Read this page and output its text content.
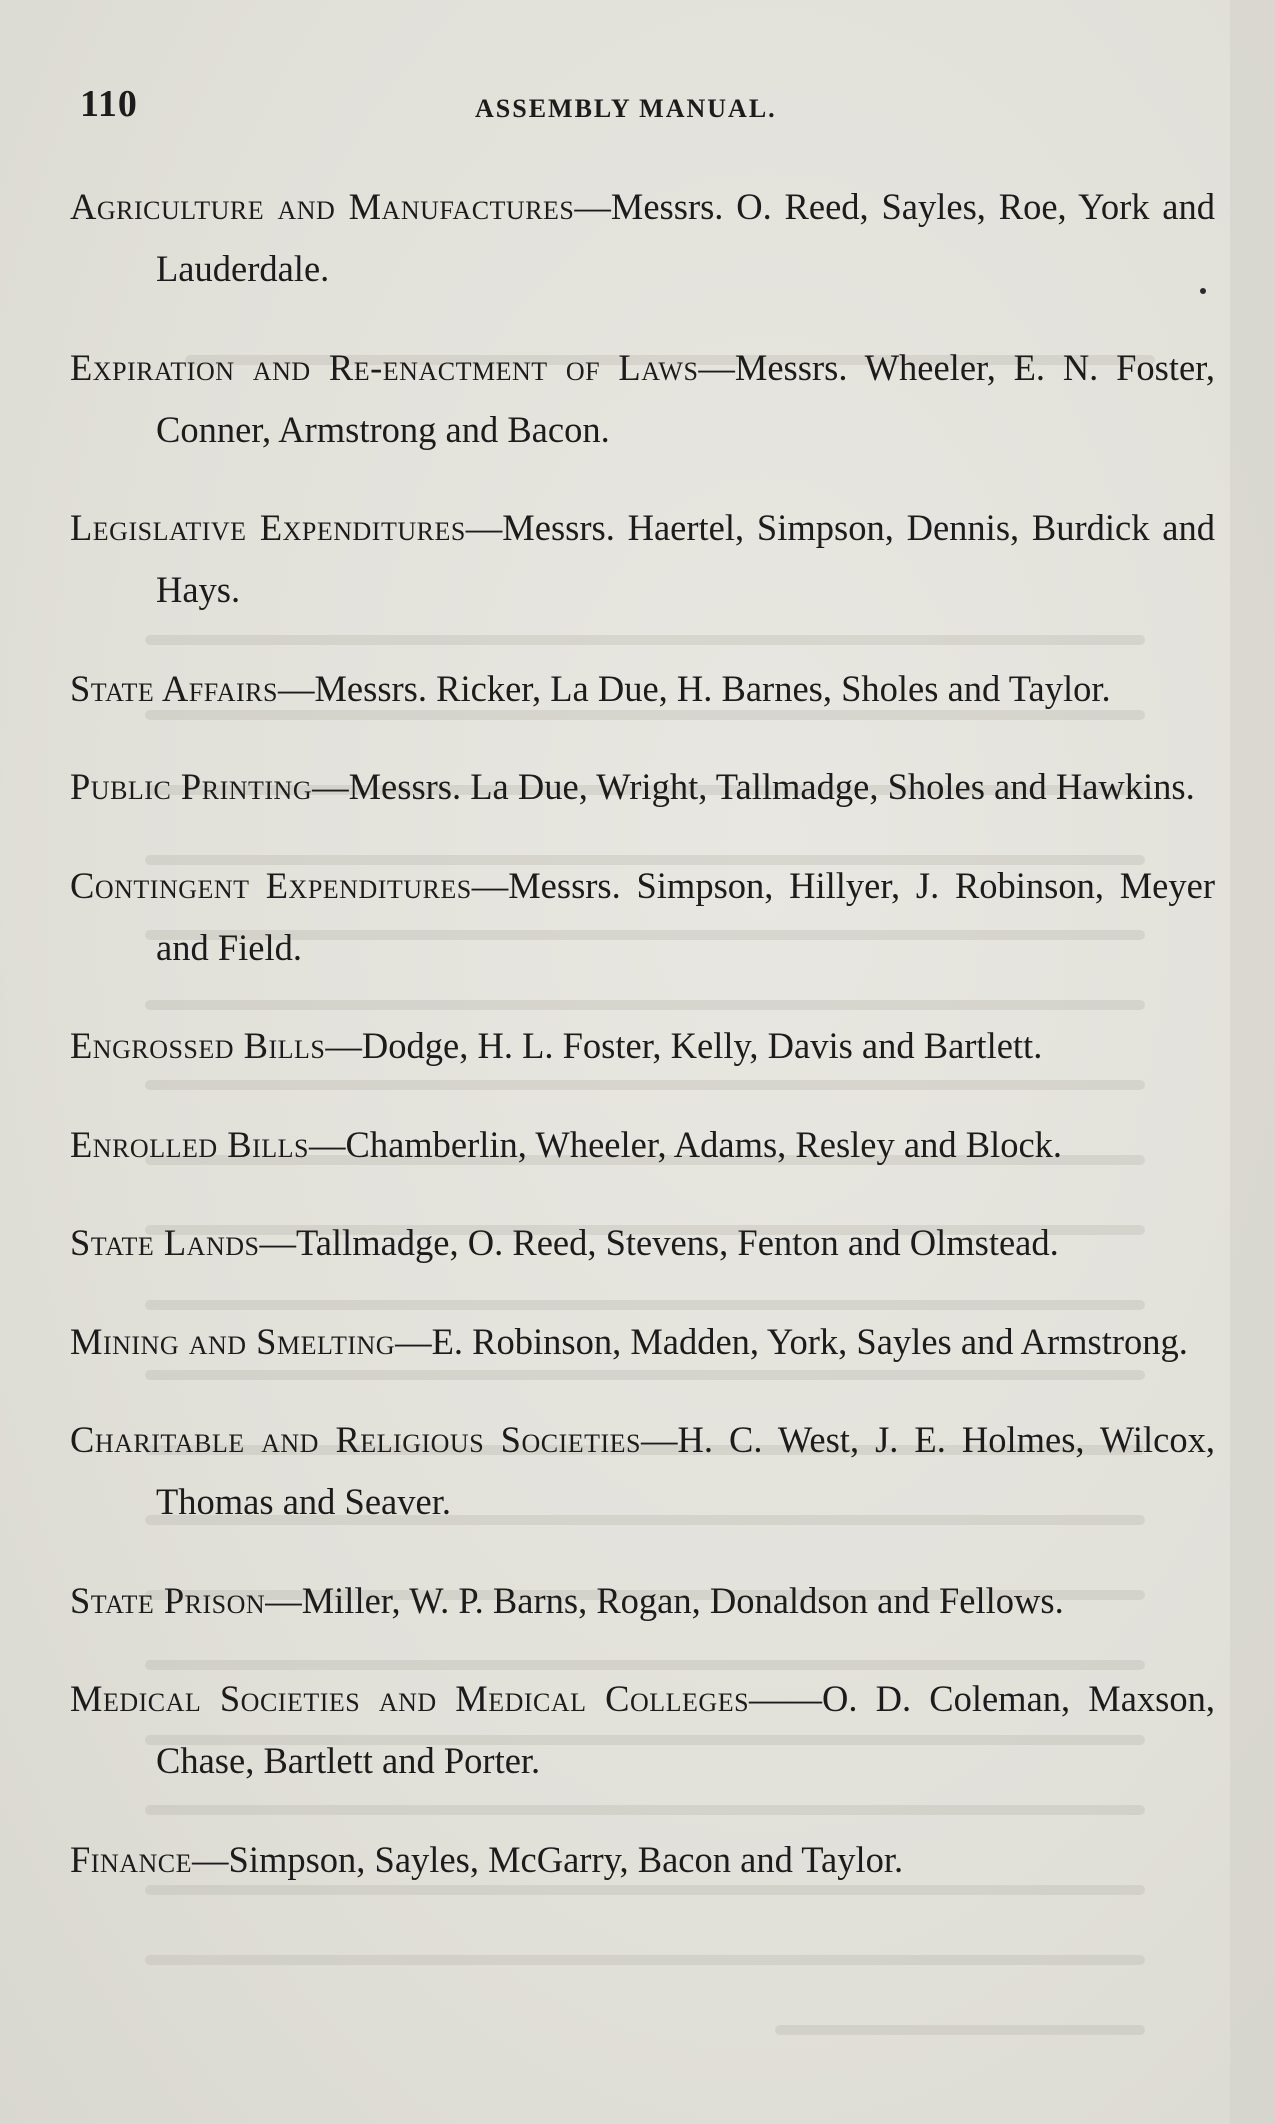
110	ASSEMBLY MANUAL.

Agriculture and Manufactures—Messrs. O. Reed, Sayles, Roe, York and Lauderdale.

Expiration and Re-enactment of Laws—Messrs. Wheeler, E. N. Foster, Conner, Armstrong and Bacon.

Legislative Expenditures—Messrs. Haertel, Simpson, Dennis, Burdick and Hays.

State Affairs—Messrs. Ricker, La Due, H. Barnes, Sholes and Taylor.

Public Printing—Messrs. La Due, Wright, Tallmadge, Sholes and Hawkins.

Contingent Expenditures—Messrs. Simpson, Hillyer, J. Robinson, Meyer and Field.

Engrossed Bills—Dodge, H. L. Foster, Kelly, Davis and Bartlett.

Enrolled Bills—Chamberlin, Wheeler, Adams, Resley and Block.

State Lands—Tallmadge, O. Reed, Stevens, Fenton and Olmstead.

Mining and Smelting—E. Robinson, Madden, York, Sayles and Armstrong.

Charitable and Religious Societies—H. C. West, J. E. Holmes, Wilcox, Thomas and Seaver.

State Prison—Miller, W. P. Barns, Rogan, Donaldson and Fellows.

Medical Societies and Medical Colleges——O. D. Coleman, Maxson, Chase, Bartlett and Porter.

Finance—Simpson, Sayles, McGarry, Bacon and Taylor.
